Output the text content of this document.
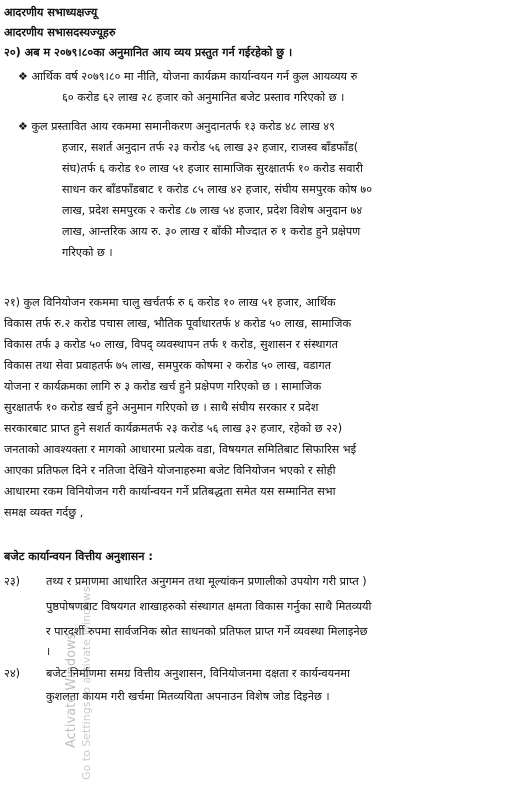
आदरणीय सभाध्यक्षज्यू
आदरणीय सभासदस्यज्यूहरु
२०) अब म २०७९।८०का अनुमानित आय व्यय प्रस्तुत गर्न गईरहेको छु ।
❖ आर्थिक वर्ष २०७९।८० मा नीति, योजना कार्यक्रम कार्यान्वयन गर्न कुल आयव्यय रु
६० करोड ६२ लाख २८ हजार को अनुमानित बजेट प्रस्ताव गरिएको छ ।
❖ कुल प्रस्तावित आय रकममा समानीकरण अनुदानतर्फ १३ करोड ४८ लाख ४९
हजार, सशर्त अनुदान तर्फ २३ करोड ५६ लाख ३२ हजार, राजस्व बाँडफाँड(
संघ)तर्फ ६ करोड १० लाख ५१ हजार सामाजिक सुरक्षातर्फ १० करोड सवारी
साधन कर बाँडफाँडबाट १ करोड ८५ लाख ४२ हजार, संघीय समपुरक कोष ७०
लाख, प्रदेश समपुरक २ करोड ८७ लाख ५४ हजार, प्रदेश विशेष अनुदान ७४
लाख, आन्तरिक आय रु. ३० लाख र बाँकी मौज्दात रु १ करोड हुने प्रक्षेपण
गरिएको छ ।
२१) कुल विनियोजन रकममा चालु खर्चतर्फ रु ६ करोड १० लाख ५१ हजार, आर्थिक
विकास तर्फ रु.२ करोड पचास लाख, भौतिक पूर्वाधारतर्फ ४ करोड ५० लाख, सामाजिक
विकास तर्फ ३ करोड ५० लाख, विपद् व्यवस्थापन तर्फ १ करोड, सुशासन र संस्थागत
विकास तथा सेवा प्रवाहतर्फ ७५ लाख, समपुरक कोषमा २ करोड ५० लाख, वडागत
योजना र कार्यक्रमका लागि रु ३ करोड खर्च हुने प्रक्षेपण गरिएको छ । सामाजिक
सुरक्षातर्फ १० करोड खर्च हुने अनुमान गरिएको छ । साथै संघीय सरकार र प्रदेश
सरकारबाट प्राप्त हुने सशर्त कार्यक्रमतर्फ २३ करोड ५६ लाख ३२ हजार, रहेको छ २२)
जनताको आवश्यक्ता र मागको आधारमा प्रत्येक वडा, विषयगत समितिबाट सिफारिस भई
आएका प्रतिफल दिने र नतिजा देखिने योजनाहरुमा बजेट विनियोजन भएको र सोही
आधारमा रकम विनियोजन गरी कार्यान्वयन गर्ने प्रतिबद्धता समेत यस सम्मानित सभा
समक्ष व्यक्त गर्दछु ,
बजेट कार्यान्वयन वित्तीय अनुशासन :
२३) तथ्य र प्रमाणमा आधारित अनुगमन तथा मूल्यांकन प्रणालीको उपयोग गरी प्राप्त )
पुष्ठपोषणबाट विषयगत शाखाहरुको संस्थागत क्षमता विकास गर्नुका साथै मितव्ययी
र पारदर्शी रुपमा सार्वजनिक स्रोत साधनको प्रतिफल प्राप्त गर्ने व्यवस्था मिलाइनेछ
।
२४) बजेट निर्माणमा समग्र वित्तीय अनुशासन, विनियोजनमा दक्षता र कार्यन्वयनमा
कुशलता कायम गरी खर्चमा मितव्ययिता अपनाउन विशेष जोड दिइनेछ ।
Activate Windows Go to Settings to activate Windows.
